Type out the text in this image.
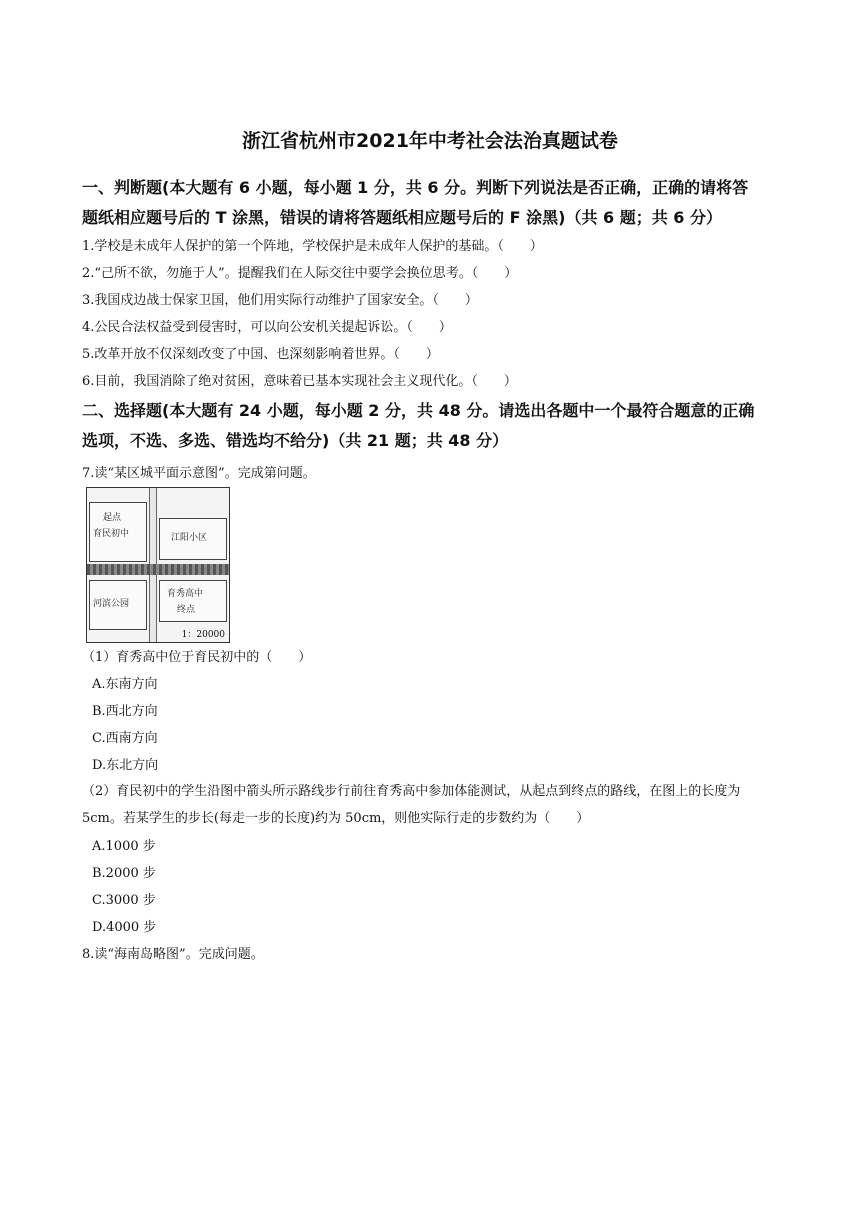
浙江省杭州市2021年中考社会法治真题试卷
一、判断题(本大题有 6 小题，每小题 1 分，共 6 分。判断下列说法是否正确，正确的请将答
题纸相应题号后的 T 涂黑，错误的请将答题纸相应题号后的 F 涂黑)（共 6 题；共 6 分）
1.学校是未成年人保护的第一个阵地，学校保护是未成年人保护的基础。（　　）
2.“己所不欲，勿施于人”。提醒我们在人际交往中要学会换位思考。（　　）
3.我国戍边战士保家卫国，他们用实际行动维护了国家安全。（　　）
4.公民合法权益受到侵害时，可以向公安机关提起诉讼。（　　）
5.改革开放不仅深刻改变了中国、也深刻影响着世界。（　　）
6.目前，我国消除了绝对贫困，意味着已基本实现社会主义现代化。（　　）
二、选择题(本大题有 24 小题，每小题 2 分，共 48 分。请选出各题中一个最符合题意的正确
选项，不选、多选、错选均不给分)（共 21 题；共 48 分）
7.读“某区城平面示意图”。完成第问题。
起点
育民初中	江阳小区
河滨公园
育秀高中
终点
1：20000
（1）育秀高中位于育民初中的（　　）
A.东南方向
B.西北方向
C.西南方向
D.东北方向
（2）育民初中的学生沿图中箭头所示路线步行前往育秀高中参加体能测试，从起点到终点的路线，在图上的长度为 5cm。若某学生的步长(每走一步的长度)约为 50cm，则他实际行走的步数约为（　　）
A.1000 步
B.2000 步
C.3000 步
D.4000 步
8.读“海南岛略图”。完成问题。
